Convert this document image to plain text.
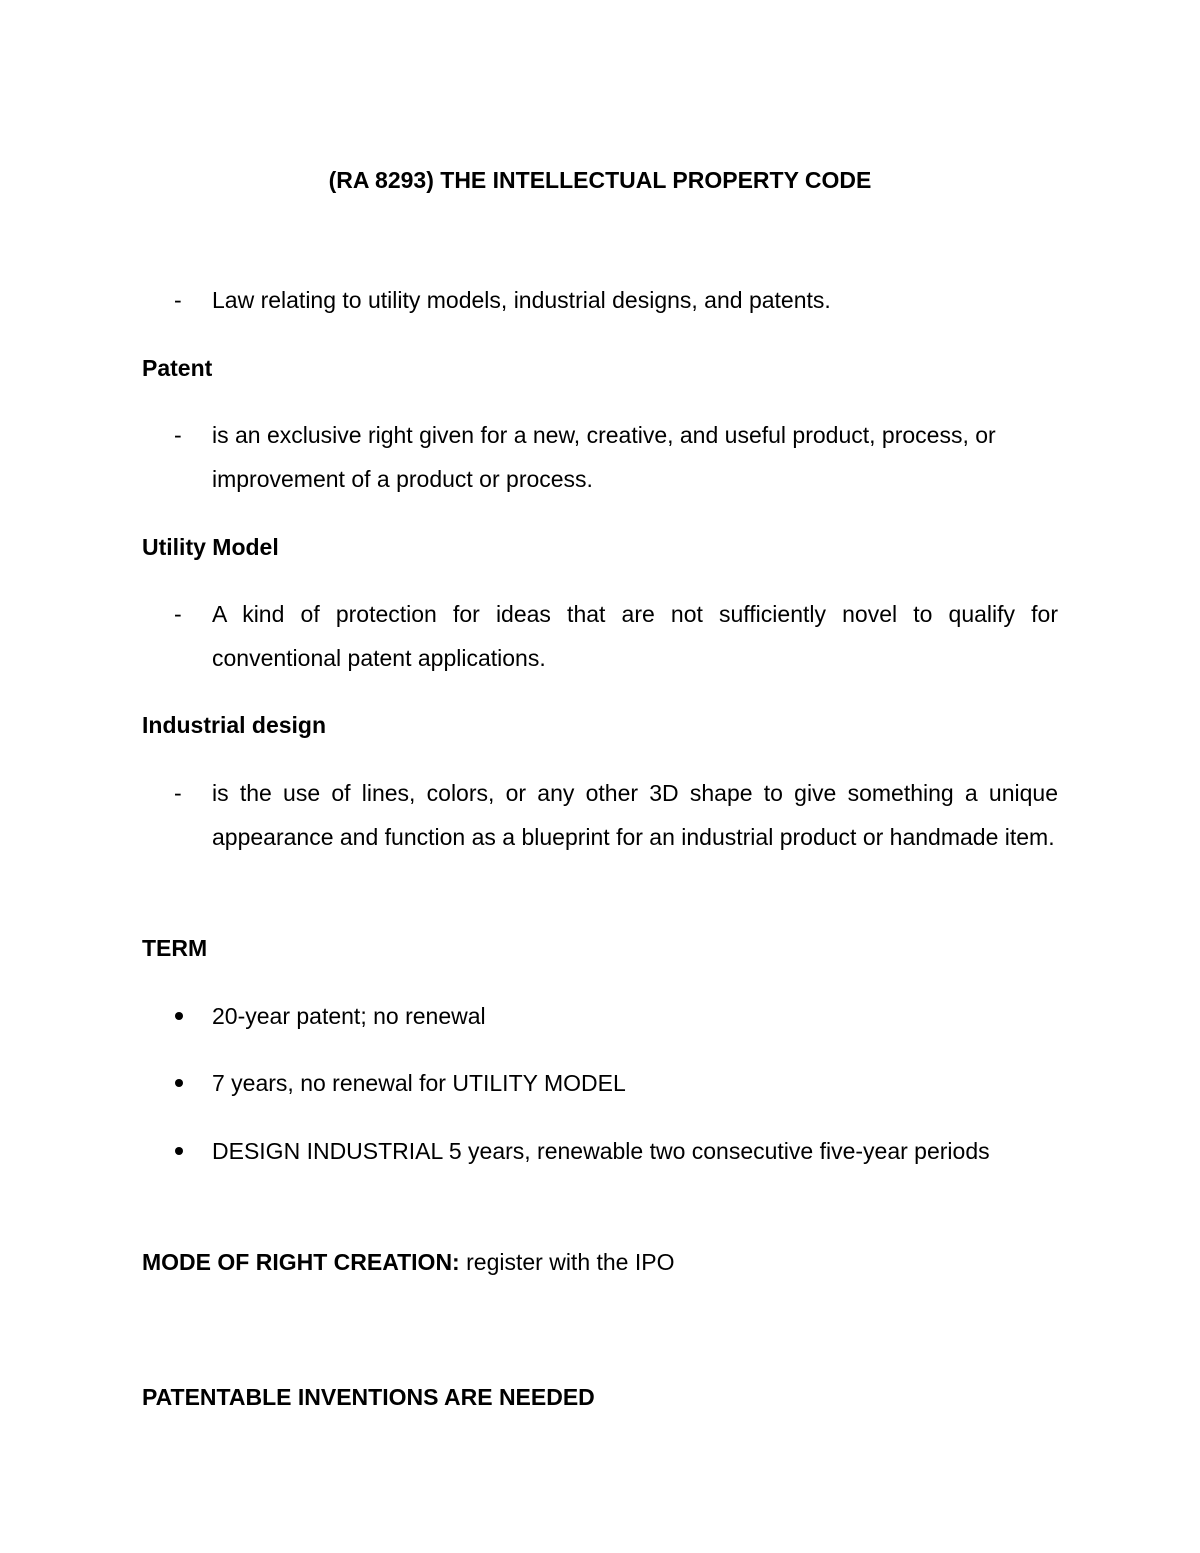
(RA 8293) THE INTELLECTUAL PROPERTY CODE
-	Law relating to utility models, industrial designs, and patents.
Patent
-	is an exclusive right given for a new, creative, and useful product, process, or improvement of a product or process.
Utility Model
-	A kind of protection for ideas that are not sufficiently novel to qualify for conventional patent applications.
Industrial design
-	is the use of lines, colors, or any other 3D shape to give something a unique appearance and function as a blueprint for an industrial product or handmade item.
TERM
20-year patent; no renewal
7 years, no renewal for UTILITY MODEL
DESIGN INDUSTRIAL 5 years, renewable two consecutive five-year periods
MODE OF RIGHT CREATION: register with the IPO
PATENTABLE INVENTIONS ARE NEEDED
